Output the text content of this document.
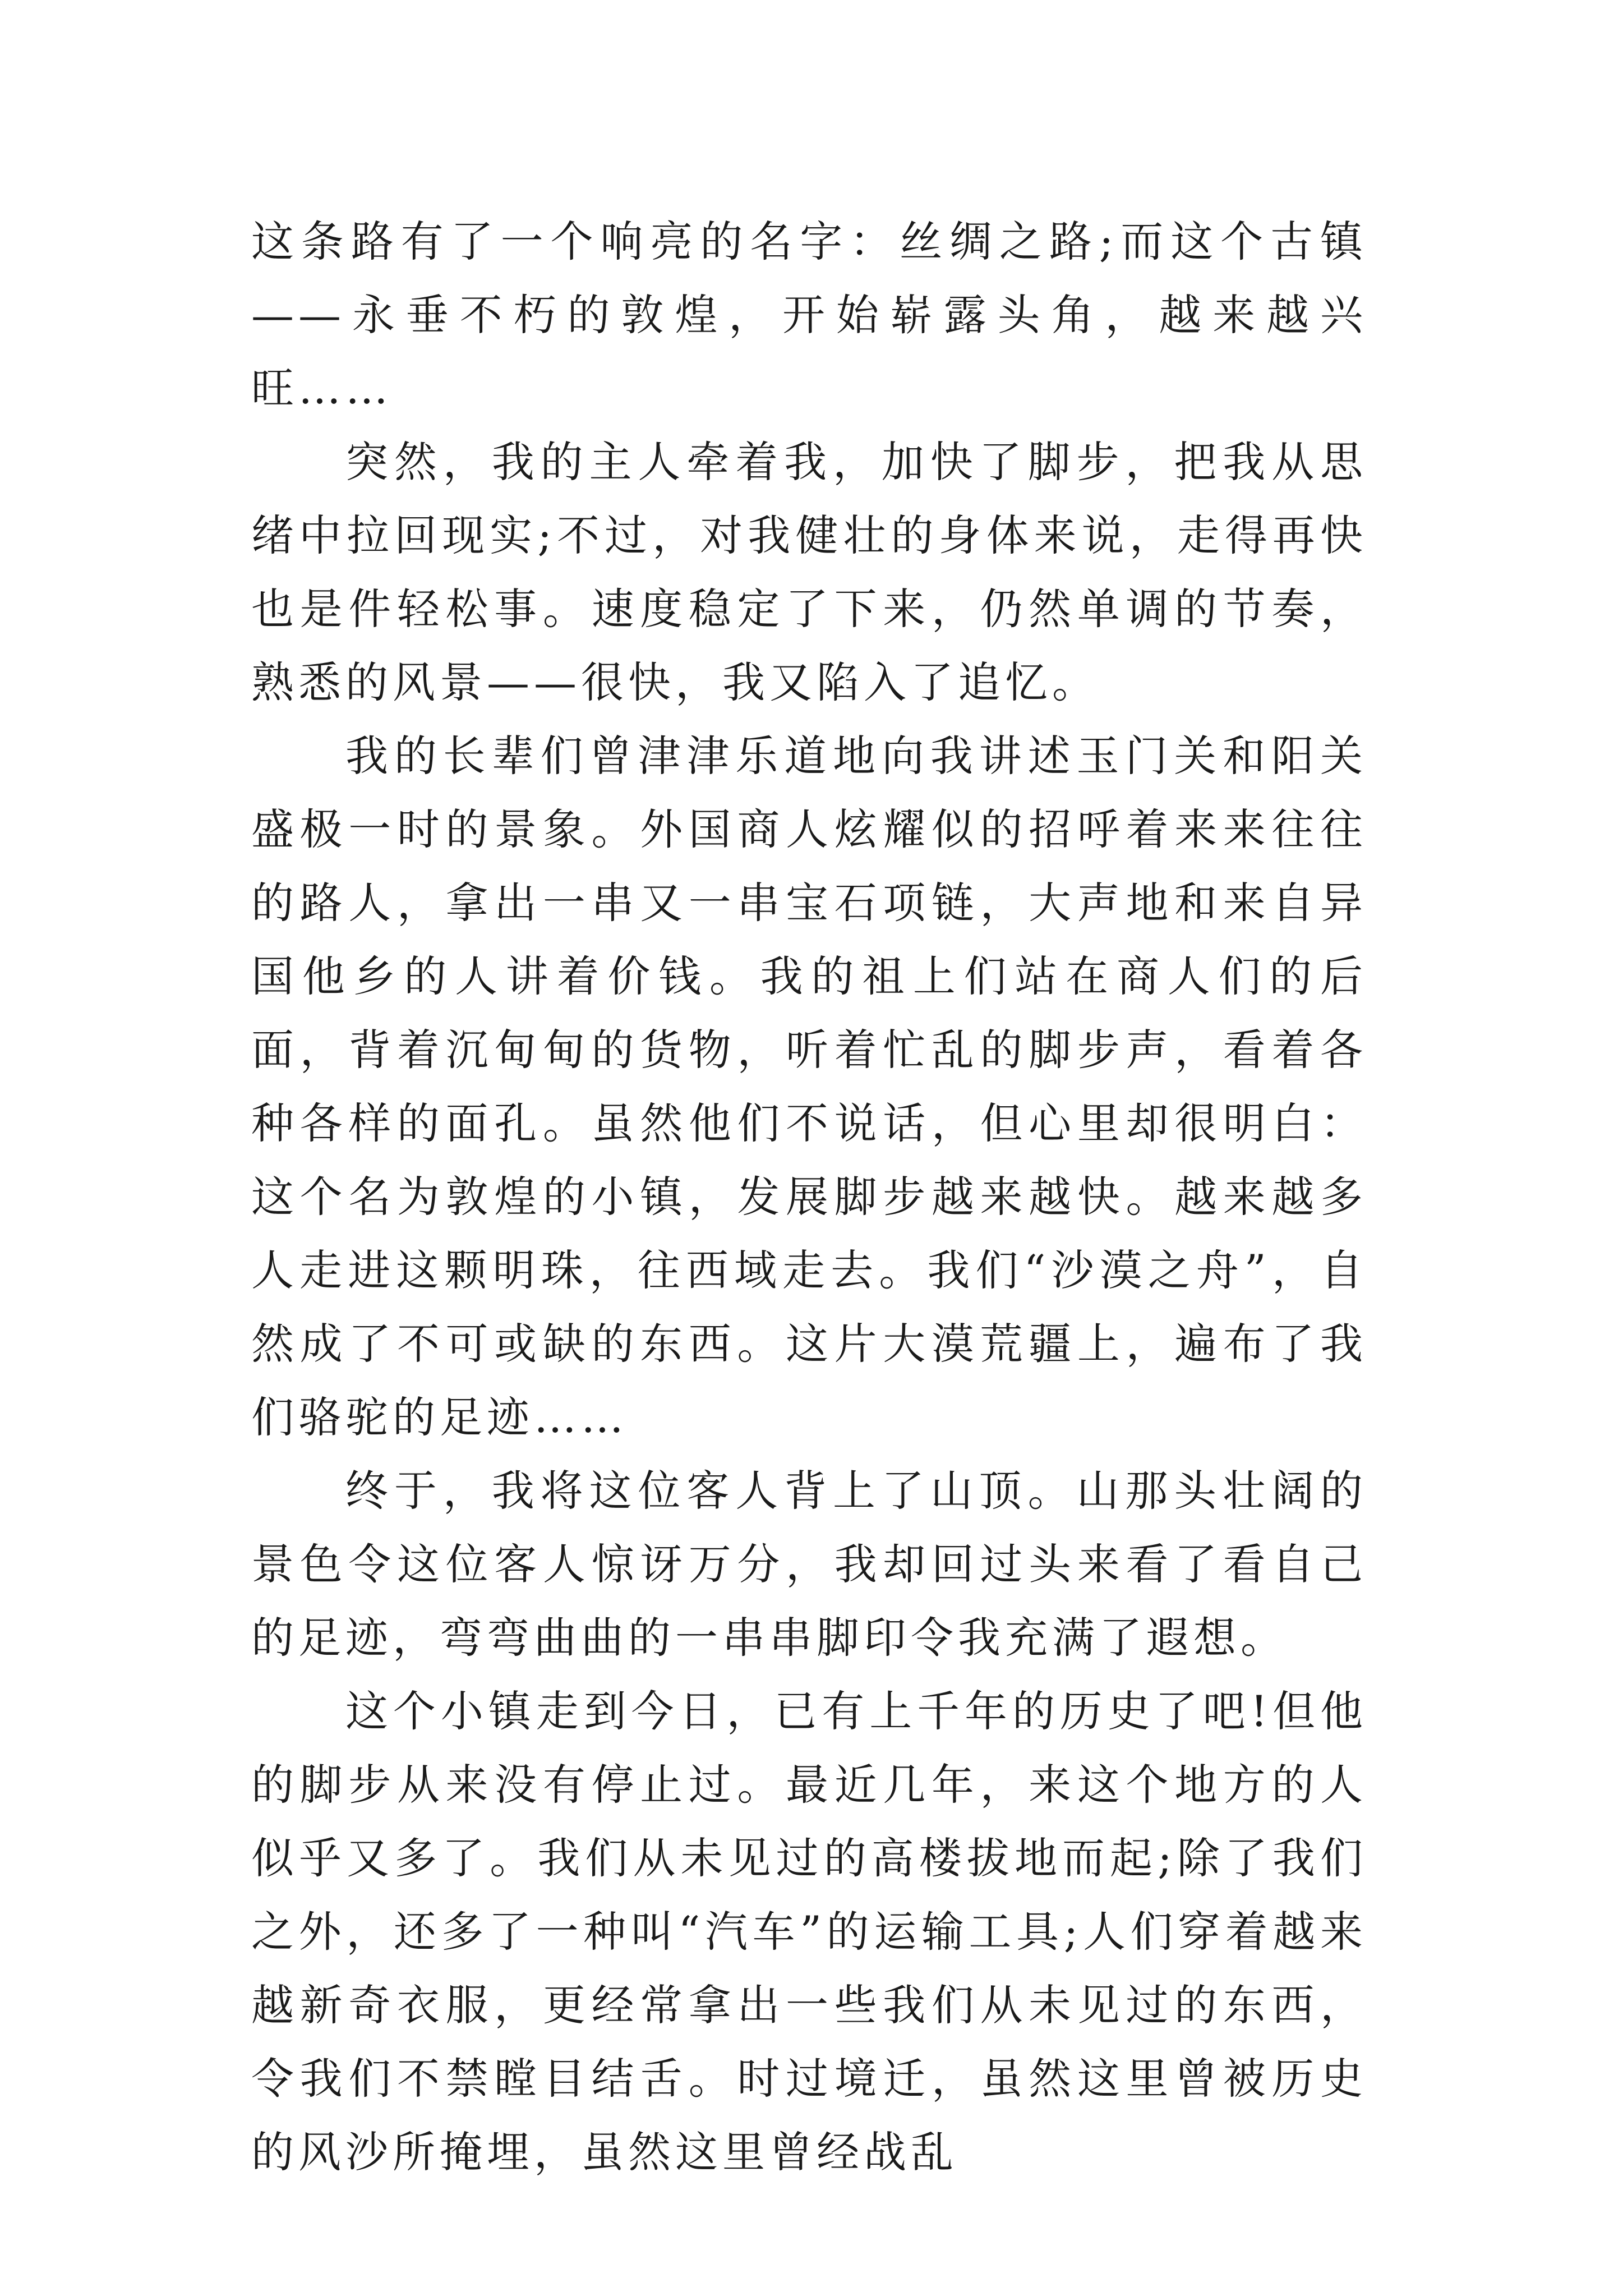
这条路有了一个响亮的名字：丝绸之路;而这个古镇——永垂不朽的敦煌，开始崭露头角，越来越兴旺……

突然，我的主人牵着我，加快了脚步，把我从思绪中拉回现实;不过，对我健壮的身体来说，走得再快也是件轻松事。速度稳定了下来，仍然单调的节奏，熟悉的风景——很快，我又陷入了追忆。

我的长辈们曾津津乐道地向我讲述玉门关和阳关盛极一时的景象。外国商人炫耀似的招呼着来来往往的路人，拿出一串又一串宝石项链，大声地和来自异国他乡的人讲着价钱。我的祖上们站在商人们的后面，背着沉甸甸的货物，听着忙乱的脚步声，看着各种各样的面孔。虽然他们不说话，但心里却很明白：这个名为敦煌的小镇，发展脚步越来越快。越来越多人走进这颗明珠，往西域走去。我们“沙漠之舟”，自然成了不可或缺的东西。这片大漠荒疆上，遍布了我们骆驼的足迹……

终于，我将这位客人背上了山顶。山那头壮阔的景色令这位客人惊讶万分，我却回过头来看了看自己的足迹，弯弯曲曲的一串串脚印令我充满了遐想。

这个小镇走到今日，已有上千年的历史了吧!但他的脚步从来没有停止过。最近几年，来这个地方的人似乎又多了。我们从未见过的高楼拔地而起;除了我们之外，还多了一种叫“汽车”的运输工具;人们穿着越来越新奇衣服，更经常拿出一些我们从未见过的东西，令我们不禁瞠目结舌。时过境迁，虽然这里曾被历史的风沙所掩埋，虽然这里曾经战乱
